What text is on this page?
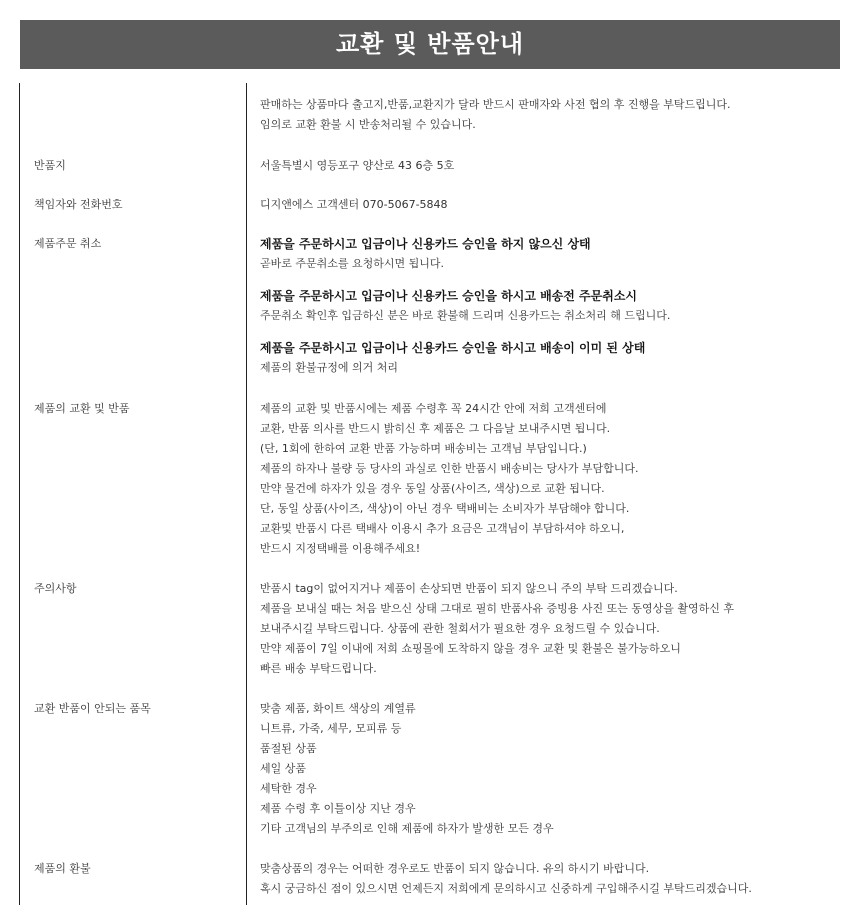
교환 및 반품안내
판매하는 상품마다 출고지,반품,교환지가 달라 반드시 판매자와 사전 협의 후 진행을 부탁드립니다.
임의로 교환 환불 시 반송처리될 수 있습니다.
반품지	서울특별시 영등포구 양산로 43 6층 5호
책임자와 전화번호	디지앤에스 고객센터 070-5067-5848
제품주문 취소	제품을 주문하시고 입금이나 신용카드 승인을 하지 않으신 상태
곧바로 주문취소를 요청하시면 됩니다.
제품을 주문하시고 입금이나 신용카드 승인을 하시고 배송전 주문취소시
주문취소 확인후 입금하신 분은 바로 환불해 드리며 신용카드는 취소처리 해 드립니다.
제품을 주문하시고 입금이나 신용카드 승인을 하시고 배송이 이미 된 상태
제품의 환불규정에 의거 처리
제품의 교환 및 반품	제품의 교환 및 반품시에는 제품 수령후 꼭 24시간 안에 저희 고객센터에
교환, 반품 의사를 반드시 밝히신 후 제품은 그 다음날 보내주시면 됩니다.
(단, 1회에 한하여 교환 반품 가능하며 배송비는 고객님 부담입니다.)
제품의 하자나 불량 등 당사의 과실로 인한 반품시 배송비는 당사가 부담합니다.
만약 물건에 하자가 있을 경우 동일 상품(사이즈, 색상)으로 교환 됩니다.
단, 동일 상품(사이즈, 색상)이 아닌 경우 택배비는 소비자가 부담해야 합니다.
교환및 반품시 다른 택배사 이용시 추가 요금은 고객님이 부담하셔야 하오니,
반드시 지정택배를 이용해주세요!
주의사항	반품시 tag이 없어지거나 제품이 손상되면 반품이 되지 않으니 주의 부탁 드리겠습니다.
제품을 보내실 때는 처음 받으신 상태 그대로 필히 반품사유 증빙용 사진 또는 동영상을 촬영하신 후
보내주시길 부탁드립니다. 상품에 관한 철회서가 필요한 경우 요청드릴 수 있습니다.
만약 제품이 7일 이내에 저희 쇼핑몰에 도착하지 않을 경우 교환 및 환불은 불가능하오니
빠른 배송 부탁드립니다.
교환 반품이 안되는 품목	맞춤 제품, 화이트 색상의 계열류
니트류, 가죽, 세무, 모피류 등
품절된 상품
세일 상품
세탁한 경우
제품 수령 후 이틀이상 지난 경우
기타 고객님의 부주의로 인해 제품에 하자가 발생한 모든 경우
제품의 환불	맞춤상품의 경우는 어떠한 경우로도 반품이 되지 않습니다. 유의 하시기 바랍니다.
혹시 궁금하신 점이 있으시면 언제든지 저희에게 문의하시고 신중하게 구입해주시길 부탁드리겠습니다.
